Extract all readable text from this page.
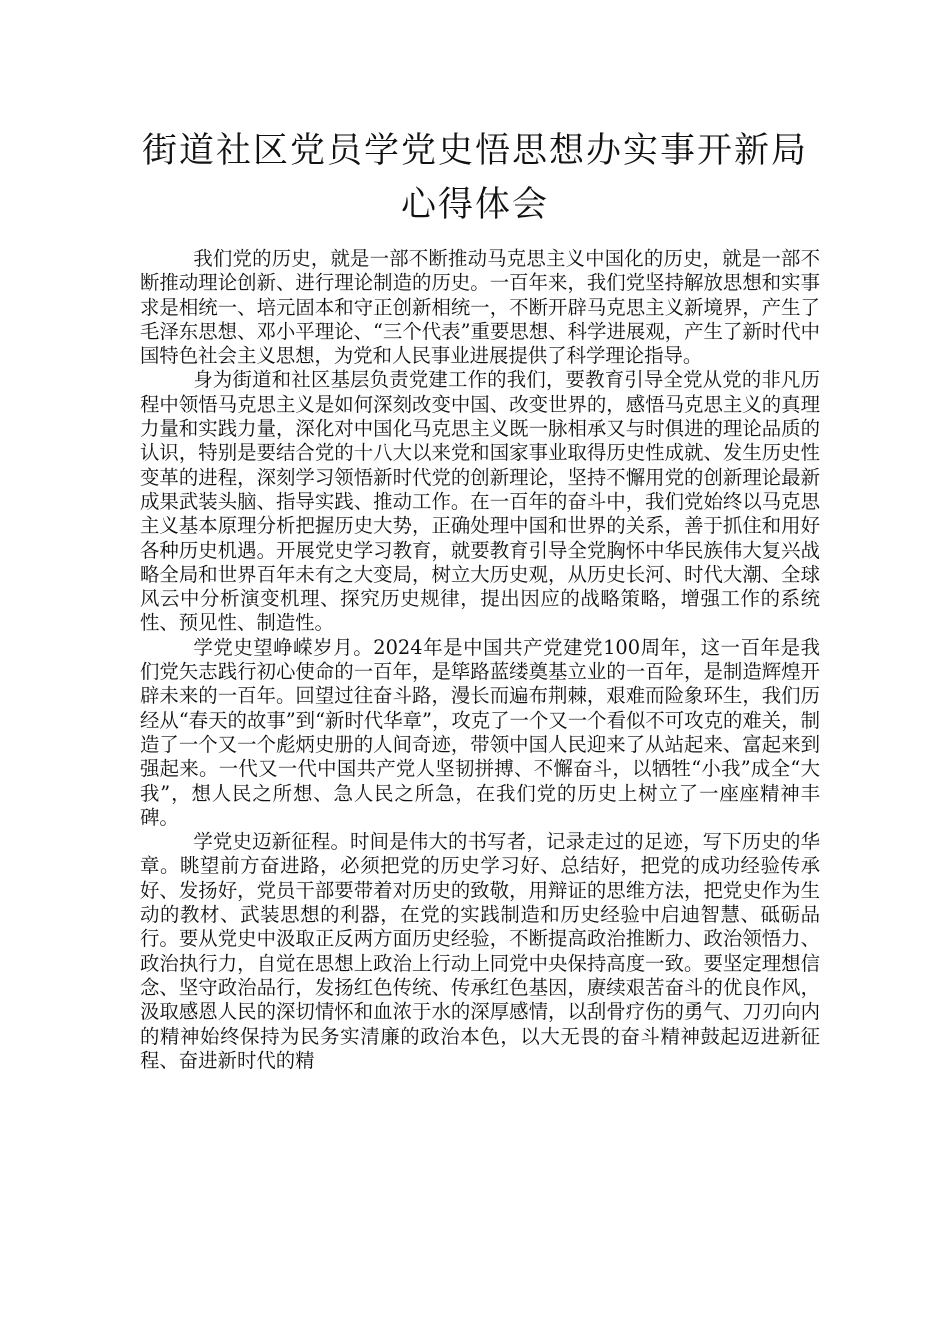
街道社区党员学党史悟思想办实事开新局
心得体会

我们党的历史，就是一部不断推动马克思主义中国化的历史，就是一部不断推动理论创新、进行理论制造的历史。一百年来，我们党坚持解放思想和实事求是相统一、培元固本和守正创新相统一，不断开辟马克思主义新境界，产生了毛泽东思想、邓小平理论、“三个代表”重要思想、科学进展观，产生了新时代中国特色社会主义思想，为党和人民事业进展提供了科学理论指导。

身为街道和社区基层负责党建工作的我们，要教育引导全党从党的非凡历程中领悟马克思主义是如何深刻改变中国、改变世界的，感悟马克思主义的真理力量和实践力量，深化对中国化马克思主义既一脉相承又与时俱进的理论品质的认识，特别是要结合党的十八大以来党和国家事业取得历史性成就、发生历史性变革的进程，深刻学习领悟新时代党的创新理论，坚持不懈用党的创新理论最新成果武装头脑、指导实践、推动工作。在一百年的奋斗中，我们党始终以马克思主义基本原理分析把握历史大势，正确处理中国和世界的关系，善于抓住和用好各种历史机遇。开展党史学习教育，就要教育引导全党胸怀中华民族伟大复兴战略全局和世界百年未有之大变局，树立大历史观，从历史长河、时代大潮、全球风云中分析演变机理、探究历史规律，提出因应的战略策略，增强工作的系统性、预见性、制造性。

学党史望峥嵘岁月。2024年是中国共产党建党100周年，这一百年是我们党矢志践行初心使命的一百年，是筚路蓝缕奠基立业的一百年，是制造辉煌开辟未来的一百年。回望过往奋斗路，漫长而遍布荆棘，艰难而险象环生，我们历经从“春天的故事”到“新时代华章”，攻克了一个又一个看似不可攻克的难关，制造了一个又一个彪炳史册的人间奇迹，带领中国人民迎来了从站起来、富起来到强起来。一代又一代中国共产党人坚韧拼搏、不懈奋斗，以牺牲“小我”成全“大我”，想人民之所想、急人民之所急，在我们党的历史上树立了一座座精神丰碑。

学党史迈新征程。时间是伟大的书写者，记录走过的足迹，写下历史的华章。眺望前方奋进路，必须把党的历史学习好、总结好，把党的成功经验传承好、发扬好，党员干部要带着对历史的致敬，用辩证的思维方法，把党史作为生动的教材、武装思想的利器，在党的实践制造和历史经验中启迪智慧、砥砺品行。要从党史中汲取正反两方面历史经验，不断提高政治推断力、政治领悟力、政治执行力，自觉在思想上政治上行动上同党中央保持高度一致。要坚定理想信念、坚守政治品行，发扬红色传统、传承红色基因，赓续艰苦奋斗的优良作风，汲取感恩人民的深切情怀和血浓于水的深厚感情，以刮骨疗伤的勇气、刀刃向内的精神始终保持为民务实清廉的政治本色，以大无畏的奋斗精神鼓起迈进新征程、奋进新时代的精
